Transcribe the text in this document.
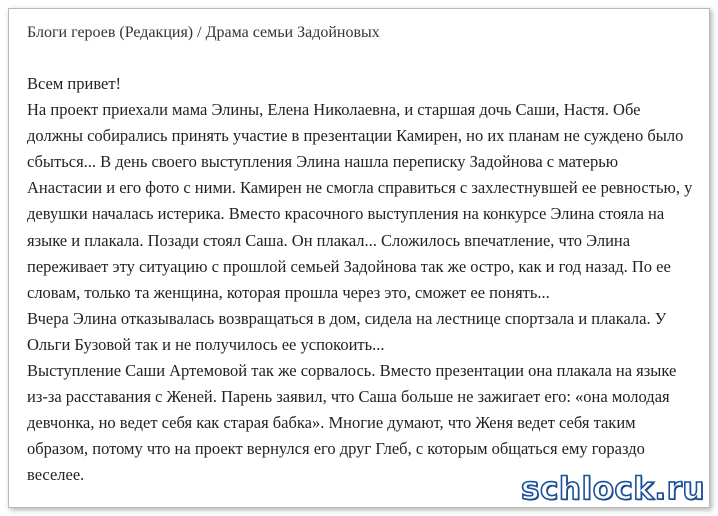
Блоги героев (Редакция) / Драма семьи Задойновых

Всем привет!

На проект приехали мама Элины, Елена Николаевна, и старшая дочь Саши, Настя. Обе должны собирались принять участие в презентации Камирен, но их планам не суждено было сбыться... В день своего выступления Элина нашла переписку Задойнова с матерью Анастасии и его фото с ними. Камирен не смогла справиться с захлестнувшей ее ревностью, у девушки началась истерика. Вместо красочного выступления на конкурсе Элина стояла на языке и плакала. Позади стоял Саша. Он плакал... Сложилось впечатление, что Элина переживает эту ситуацию с прошлой семьей Задойнова так же остро, как и год назад. По ее словам, только та женщина, которая прошла через это, сможет ее понять...

Вчера Элина отказывалась возвращаться в дом, сидела на лестнице спортзала и плакала. У Ольги Бузовой так и не получилось ее успокоить...

Выступление Саши Артемовой так же сорвалось. Вместо презентации она плакала на языке из-за расставания с Женей. Парень заявил, что Саша больше не зажигает его: «она молодая девчонка, но ведет себя как старая бабка». Многие думают, что Женя ведет себя таким образом, потому что на проект вернулся его друг Глеб, с которым общаться ему гораздо веселее.	schlock.ru
